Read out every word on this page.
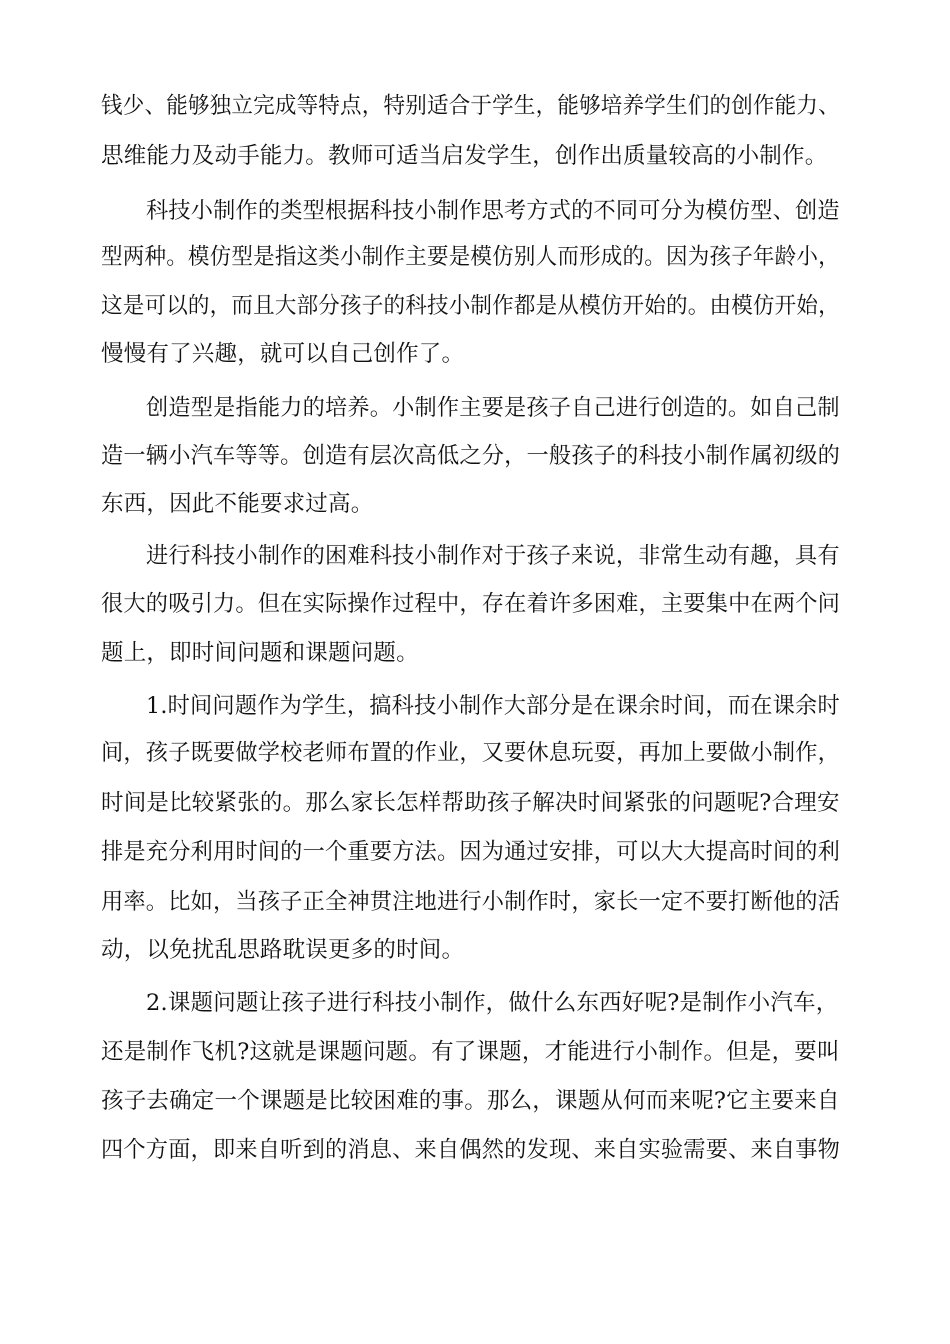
钱少、能够独立完成等特点，特别适合于学生，能够培养学生们的创作能力、
思维能力及动手能力。教师可适当启发学生，创作出质量较高的小制作。
科技小制作的类型根据科技小制作思考方式的不同可分为模仿型、创造
型两种。模仿型是指这类小制作主要是模仿别人而形成的。因为孩子年龄小，
这是可以的，而且大部分孩子的科技小制作都是从模仿开始的。由模仿开始，
慢慢有了兴趣，就可以自己创作了。
创造型是指能力的培养。小制作主要是孩子自己进行创造的。如自己制
造一辆小汽车等等。创造有层次高低之分，一般孩子的科技小制作属初级的
东西，因此不能要求过高。
进行科技小制作的困难科技小制作对于孩子来说，非常生动有趣，具有
很大的吸引力。但在实际操作过程中，存在着许多困难，主要集中在两个问
题上，即时间问题和课题问题。
1.时间问题作为学生，搞科技小制作大部分是在课余时间，而在课余时
间，孩子既要做学校老师布置的作业，又要休息玩耍，再加上要做小制作，
时间是比较紧张的。那么家长怎样帮助孩子解决时间紧张的问题呢?合理安
排是充分利用时间的一个重要方法。因为通过安排，可以大大提高时间的利
用率。比如，当孩子正全神贯注地进行小制作时，家长一定不要打断他的活
动，以免扰乱思路耽误更多的时间。
2.课题问题让孩子进行科技小制作，做什么东西好呢?是制作小汽车，
还是制作飞机?这就是课题问题。有了课题，才能进行小制作。但是，要叫
孩子去确定一个课题是比较困难的事。那么，课题从何而来呢?它主要来自
四个方面，即来自听到的消息、来自偶然的发现、来自实验需要、来自事物
